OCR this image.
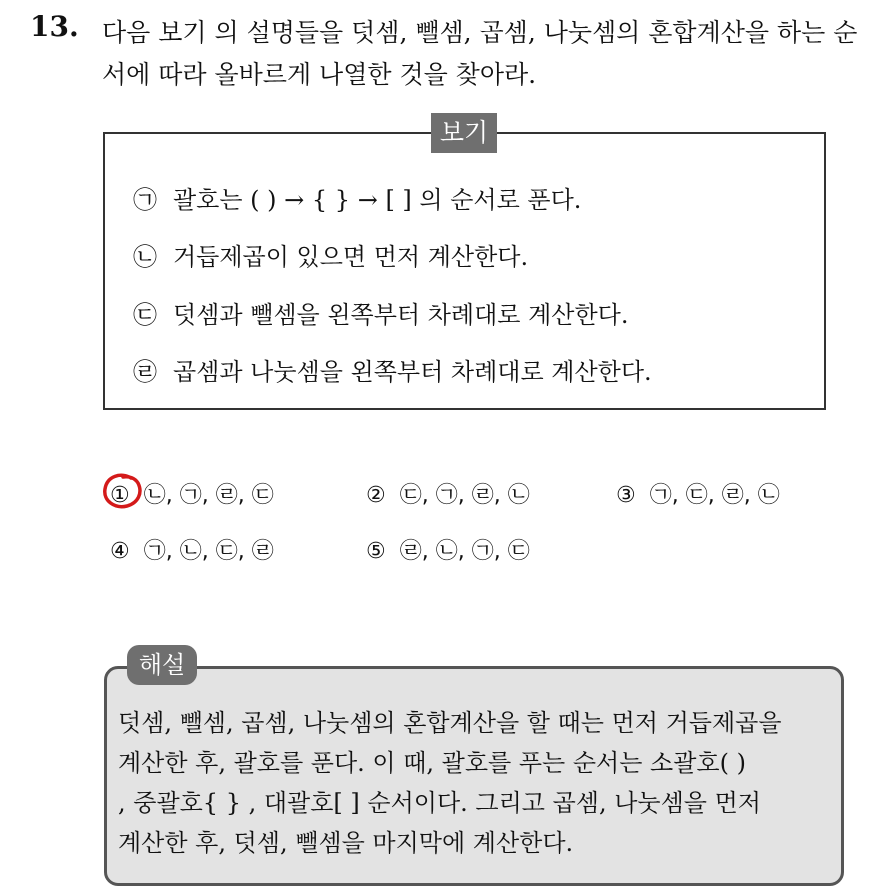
13. 다음 보기 의 설명들을 덧셈, 뺄셈, 곱셈, 나눗셈의 혼합계산을 하는 순서에 따라 올바르게 나열한 것을 찾아라.
보기
㉠ 괄호는 ( ) → { } → [ ] 의 순서로 푼다.
㉡ 거듭제곱이 있으면 먼저 계산한다.
㉢ 덧셈과 뺄셈을 왼쪽부터 차례대로 계산한다.
㉣ 곱셈과 나눗셈을 왼쪽부터 차례대로 계산한다.
① ㉡, ㉠, ㉣, ㉢	② ㉢, ㉠, ㉣, ㉡	③ ㉠, ㉢, ㉣, ㉡
④ ㉠, ㉡, ㉢, ㉣	⑤ ㉣, ㉡, ㉠, ㉢
해설
덧셈, 뺄셈, 곱셈, 나눗셈의 혼합계산을 할 때는 먼저 거듭제곱을
계산한 후, 괄호를 푼다. 이 때, 괄호를 푸는 순서는 소괄호( )
, 중괄호{ } , 대괄호[ ] 순서이다. 그리고 곱셈, 나눗셈을 먼저
계산한 후, 덧셈, 뺄셈을 마지막에 계산한다.
